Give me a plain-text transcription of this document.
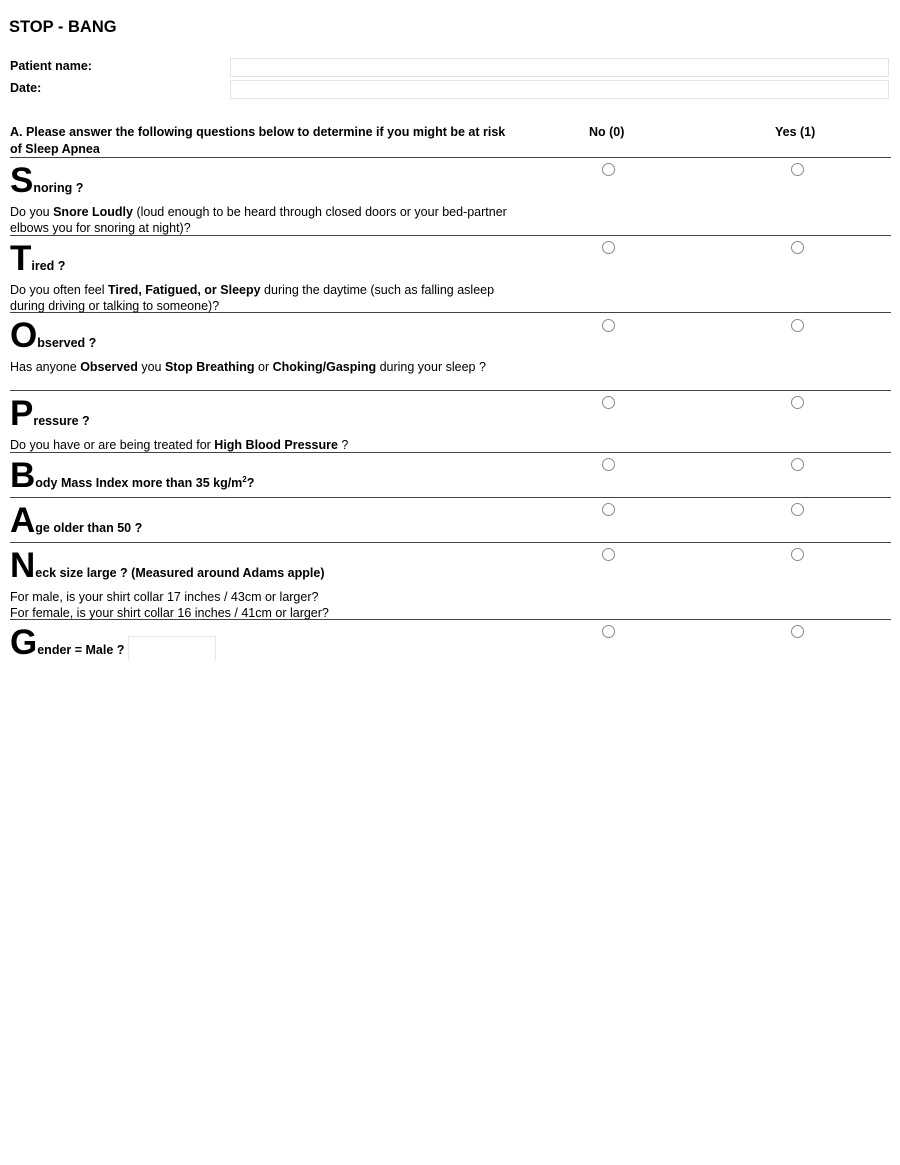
STOP - BANG
Patient name:
Date:
A. Please answer the following questions below to determine if you might be at risk of Sleep Apnea
No (0)	Yes (1)
Snoring ?
Do you Snore Loudly (loud enough to be heard through closed doors or your bed-partner elbows you for snoring at night)?
Tired ?
Do you often feel Tired, Fatigued, or Sleepy during the daytime (such as falling asleep during driving or talking to someone)?
Observed ?
Has anyone Observed you Stop Breathing or Choking/Gasping during your sleep ?
Pressure ?
Do you have or are being treated for High Blood Pressure ?
Body Mass Index more than 35 $kg/m^2$?
Age older than 50 ?
Neck size large ? (Measured around Adams apple)
For male, is your shirt collar 17 inches / 43cm or larger?
For female, is your shirt collar 16 inches / 41cm or larger?
Gender = Male ?
